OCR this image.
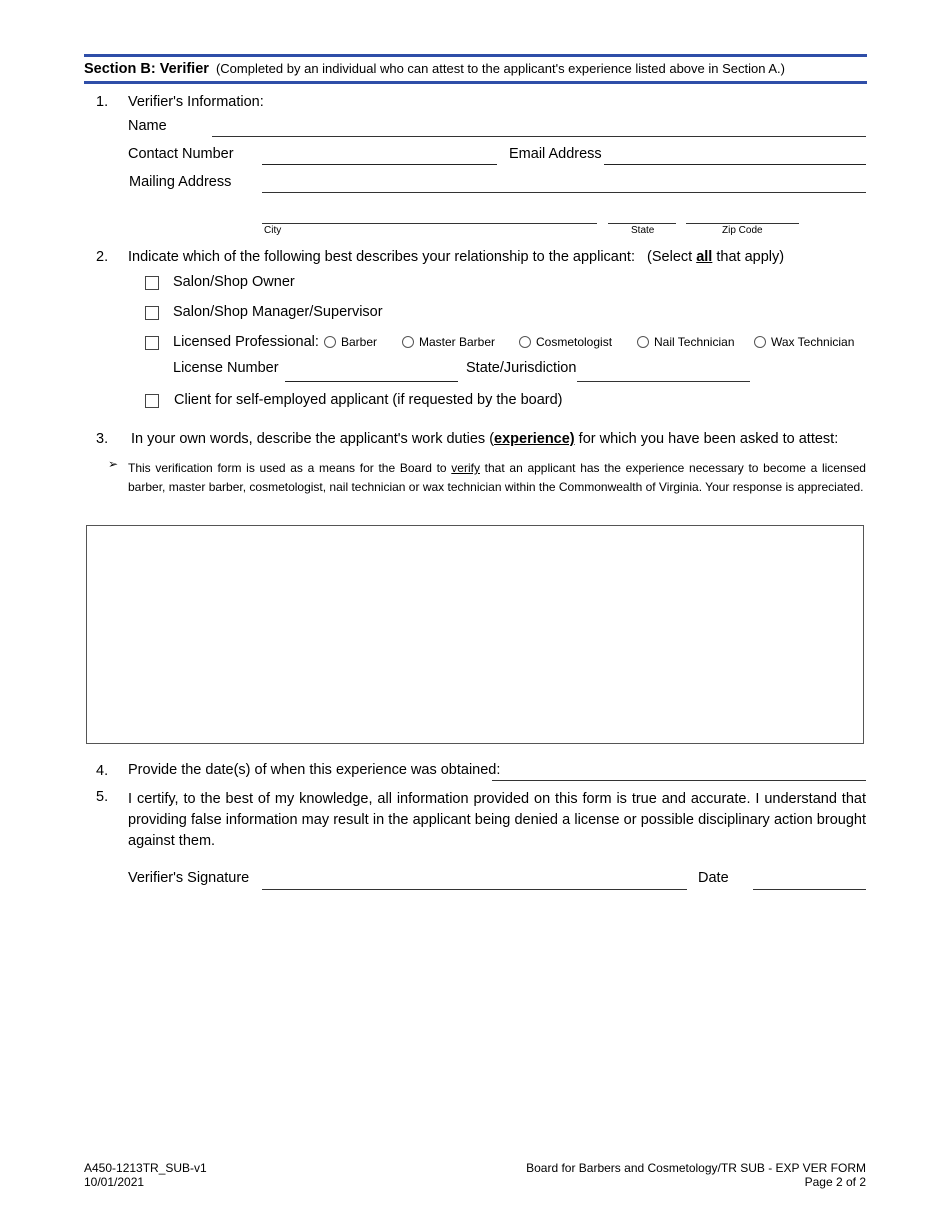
Section B: Verifier (Completed by an individual who can attest to the applicant's experience listed above in Section A.)
1. Verifier's Information:
Name
Contact Number	Email Address
Mailing Address
City	State	Zip Code
2. Indicate which of the following best describes your relationship to the applicant: (Select all that apply)
Salon/Shop Owner
Salon/Shop Manager/Supervisor
Licensed Professional: Barber	Master Barber	Cosmetologist	Nail Technician	Wax Technician
License Number	State/Jurisdiction
Client for self-employed applicant (if requested by the board)
3. In your own words, describe the applicant's work duties (experience) for which you have been asked to attest:
➢ This verification form is used as a means for the Board to verify that an applicant has the experience necessary to become a licensed barber, master barber, cosmetologist, nail technician or wax technician within the Commonwealth of Virginia. Your response is appreciated.
4. Provide the date(s) of when this experience was obtained:
5. I certify, to the best of my knowledge, all information provided on this form is true and accurate. I understand that providing false information may result in the applicant being denied a license or possible disciplinary action brought against them.
Verifier's Signature	Date
A450-1213TR_SUB-v1
10/01/2021
Board for Barbers and Cosmetology/TR SUB - EXP VER FORM
Page 2 of 2
